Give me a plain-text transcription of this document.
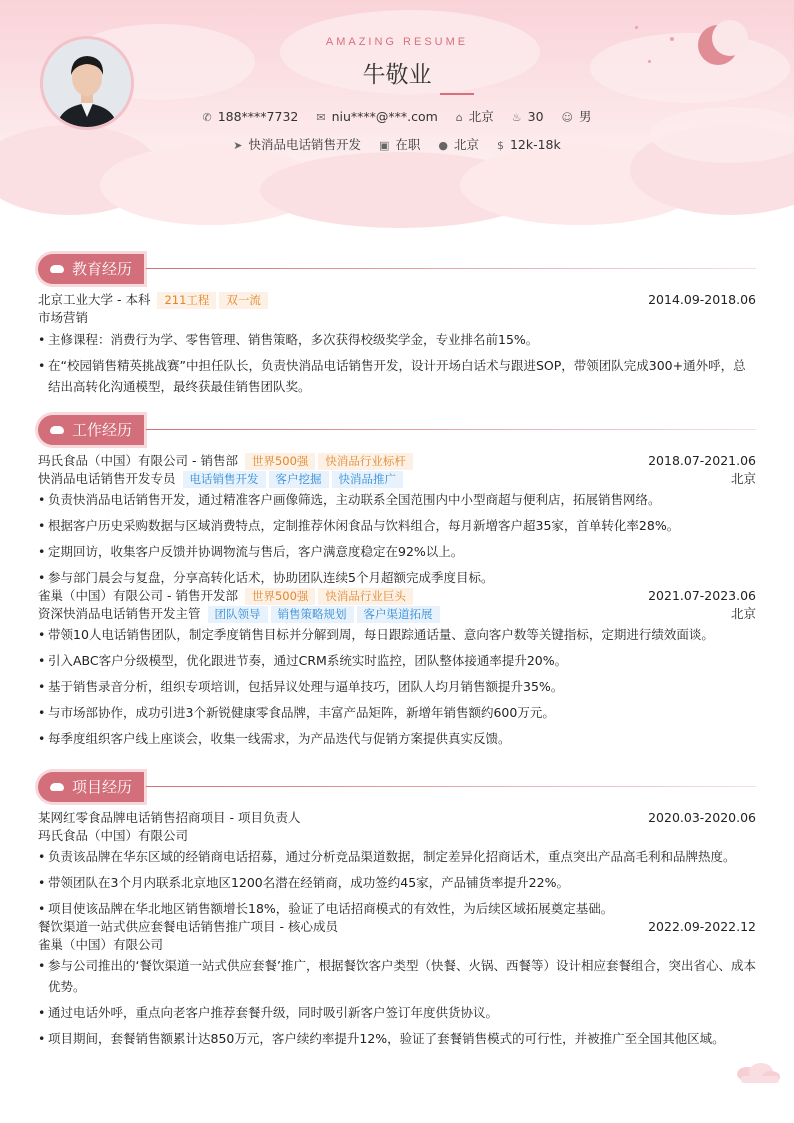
AMAZING RESUME
牛敬业
✆ 188****7732 ✉ niu****@***.com ⌂ 北京 ♨ 30 ☺ 男
➤ 快消品电话销售开发 ▣ 在职 ● 北京 $ 12k-18k
教育经历
北京工业大学 - 本科 211工程 双一流	2014.09-2018.06
市场营销
• 主修课程：消费行为学、零售管理、销售策略，多次获得校级奖学金，专业排名前15%。
• 在“校园销售精英挑战赛”中担任队长，负责快消品电话销售开发，设计开场白话术与跟进SOP，带领团队完成300+通外呼，总结出高转化沟通模型，最终获最佳销售团队奖。
工作经历
玛氏食品（中国）有限公司 - 销售部 世界500强 快消品行业标杆	2018.07-2021.06
快消品电话销售开发专员 电话销售开发 客户挖掘 快消品推广	北京
• 负责快消品电话销售开发，通过精准客户画像筛选，主动联系全国范围内中小型商超与便利店，拓展销售网络。
• 根据客户历史采购数据与区域消费特点，定制推荐休闲食品与饮料组合，每月新增客户超35家，首单转化率28%。
• 定期回访，收集客户反馈并协调物流与售后，客户满意度稳定在92%以上。
• 参与部门晨会与复盘，分享高转化话术，协助团队连续5个月超额完成季度目标。
雀巢（中国）有限公司 - 销售开发部 世界500强 快消品行业巨头	2021.07-2023.06
资深快消品电话销售开发主管 团队领导 销售策略规划 客户渠道拓展	北京
• 带领10人电话销售团队，制定季度销售目标并分解到周，每日跟踪通话量、意向客户数等关键指标，定期进行绩效面谈。
• 引入ABC客户分级模型，优化跟进节奏，通过CRM系统实时监控，团队整体接通率提升20%。
• 基于销售录音分析，组织专项培训，包括异议处理与逼单技巧，团队人均月销售额提升35%。
• 与市场部协作，成功引进3个新锐健康零食品牌，丰富产品矩阵，新增年销售额约600万元。
• 每季度组织客户线上座谈会，收集一线需求，为产品迭代与促销方案提供真实反馈。
项目经历
某网红零食品牌电话销售招商项目 - 项目负责人	2020.03-2020.06
玛氏食品（中国）有限公司
• 负责该品牌在华东区域的经销商电话招募，通过分析竞品渠道数据，制定差异化招商话术，重点突出产品高毛利和品牌热度。
• 带领团队在3个月内联系北京地区1200名潜在经销商，成功签约45家，产品铺货率提升22%。
• 项目使该品牌在华北地区销售额增长18%，验证了电话招商模式的有效性，为后续区域拓展奠定基础。
餐饮渠道一站式供应套餐电话销售推广项目 - 核心成员	2022.09-2022.12
雀巢（中国）有限公司
• 参与公司推出的‘餐饮渠道一站式供应套餐’推广，根据餐饮客户类型（快餐、火锅、西餐等）设计相应套餐组合，突出省心、成本优势。
• 通过电话外呼，重点向老客户推荐套餐升级，同时吸引新客户签订年度供货协议。
• 项目期间，套餐销售额累计达850万元，客户续约率提升12%，验证了套餐销售模式的可行性，并被推广至全国其他区域。
